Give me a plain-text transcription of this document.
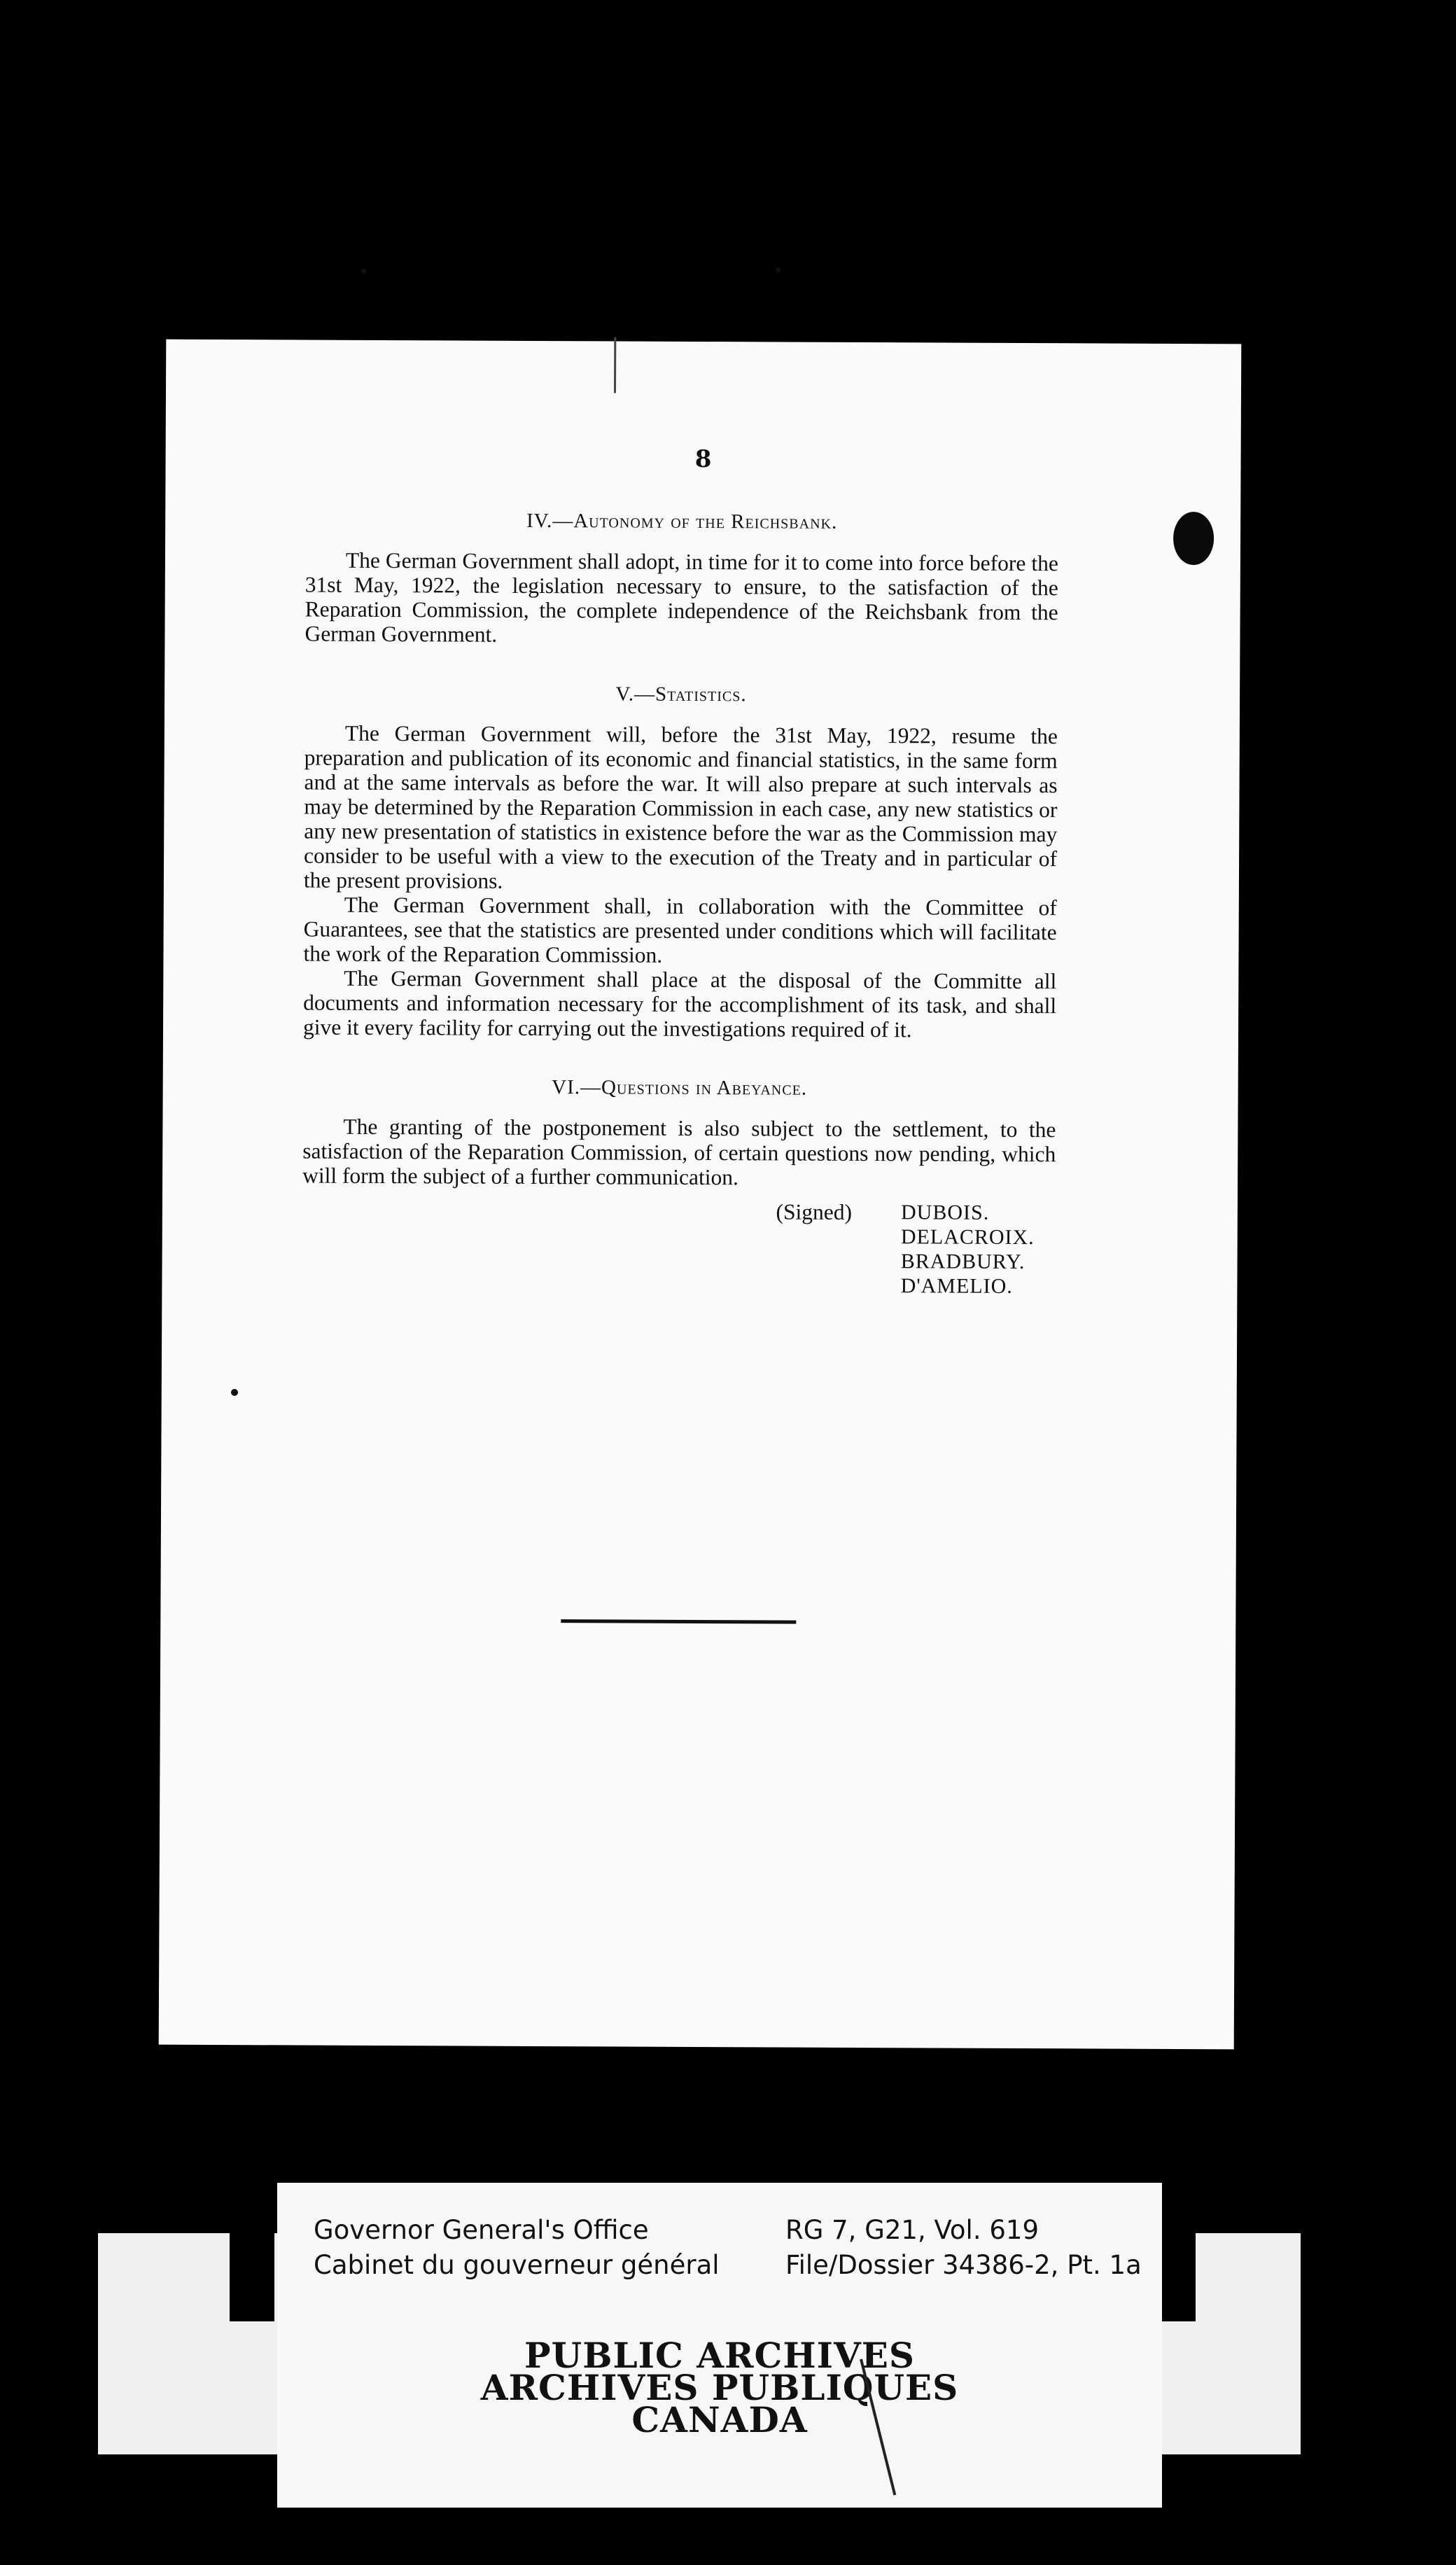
8
IV.—Autonomy of the Reichsbank.

The German Government shall adopt, in time for it to come into force before the 31st May, 1922, the legislation necessary to ensure, to the satisfaction of the Reparation Commission, the complete independence of the Reichsbank from the German Government.

V.—Statistics.

The German Government will, before the 31st May, 1922, resume the preparation and publication of its economic and financial statistics, in the same form and at the same intervals as before the war. It will also prepare at such intervals as may be determined by the Reparation Commission in each case, any new statistics or any new presentation of statistics in existence before the war as the Commission may consider to be useful with a view to the execution of the Treaty and in particular of the present provisions.

The German Government shall, in collaboration with the Committee of Guarantees, see that the statistics are presented under conditions which will facilitate the work of the Reparation Commission.

The German Government shall place at the disposal of the Committe all documents and information necessary for the accomplishment of its task, and shall give it every facility for carrying out the investigations required of it.

VI.—Questions in Abeyance.

The granting of the postponement is also subject to the settlement, to the satisfaction of the Reparation Commission, of certain questions now pending, which will form the subject of a further communication.

(Signed) DUBOIS.
DELACROIX.
BRADBURY.
D'AMELIO.
Governor General's Office
Cabinet du gouverneur général
RG 7, G21, Vol. 619
File/Dossier 34386-2, Pt. 1a
PUBLIC ARCHIVES
ARCHIVES PUBLIQUES
CANADA
